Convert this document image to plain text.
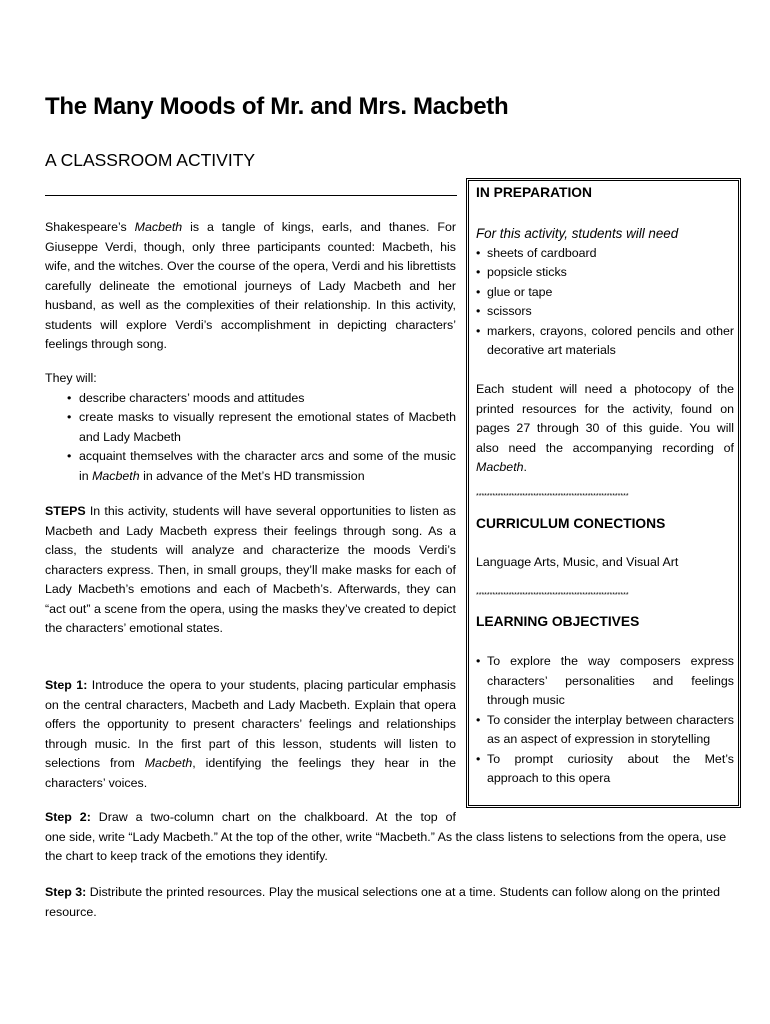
The Many Moods of Mr. and Mrs. Macbeth
A CLASSROOM ACTIVITY

Shakespeare’s Macbeth is a tangle of kings, earls, and thanes. For Giuseppe Verdi, though, only three participants counted: Macbeth, his wife, and the witches. Over the course of the opera, Verdi and his librettists carefully delineate the emotional journeys of Lady Macbeth and her husband, as well as the complexities of their relationship. In this activity, students will explore Verdi’s accomplishment in depicting characters’ feelings through song.

They will:

• describe characters’ moods and attitudes
• create masks to visually represent the emotional states of Macbeth and Lady Macbeth
• acquaint themselves with the character arcs and some of the music in Macbeth in advance of the Met’s HD transmission

STEPS In this activity, students will have several opportunities to listen as Macbeth and Lady Macbeth express their feelings through song. As a class, the students will analyze and characterize the moods Verdi’s characters express. Then, in small groups, they’ll make masks for each of Lady Macbeth’s emotions and each of Macbeth’s. Afterwards, they can “act out” a scene from the opera, using the masks they’ve created to depict the characters’ emotional states.

Step 1: Introduce the opera to your students, placing particular emphasis on the central characters, Macbeth and Lady Macbeth. Explain that opera offers the opportunity to present characters’ feelings and relationships through music. In the first part of this lesson, students will listen to selections from Macbeth, identifying the feelings they hear in the characters’ voices.

Step 2: Draw a two-column chart on the chalkboard. At the top of
one side, write “Lady Macbeth.” At the top of the other, write “Macbeth.” As the class listens to selections from the opera, use the chart to keep track of the emotions they identify.

Step 3: Distribute the printed resources. Play the musical selections one at a time. Students can follow along on the printed resource.

IN PREPARATION

For this activity, students will need

• sheets of cardboard
• popsicle sticks
• glue or tape
• scissors
• markers, crayons, colored pencils and other decorative art materials

Each student will need a photocopy of the printed resources for the activity, found on pages 27 through 30 of this guide. You will also need the accompanying recording of Macbeth.

********************************************************
CURRICULUM CONECTIONS
Language Arts, Music, and Visual Art
********************************************************
LEARNING OBJECTIVES
• To explore the way composers express characters’ personalities and feelings through music
• To consider the interplay between characters as an aspect of expression in storytelling
• To prompt curiosity about the Met’s approach to this opera
